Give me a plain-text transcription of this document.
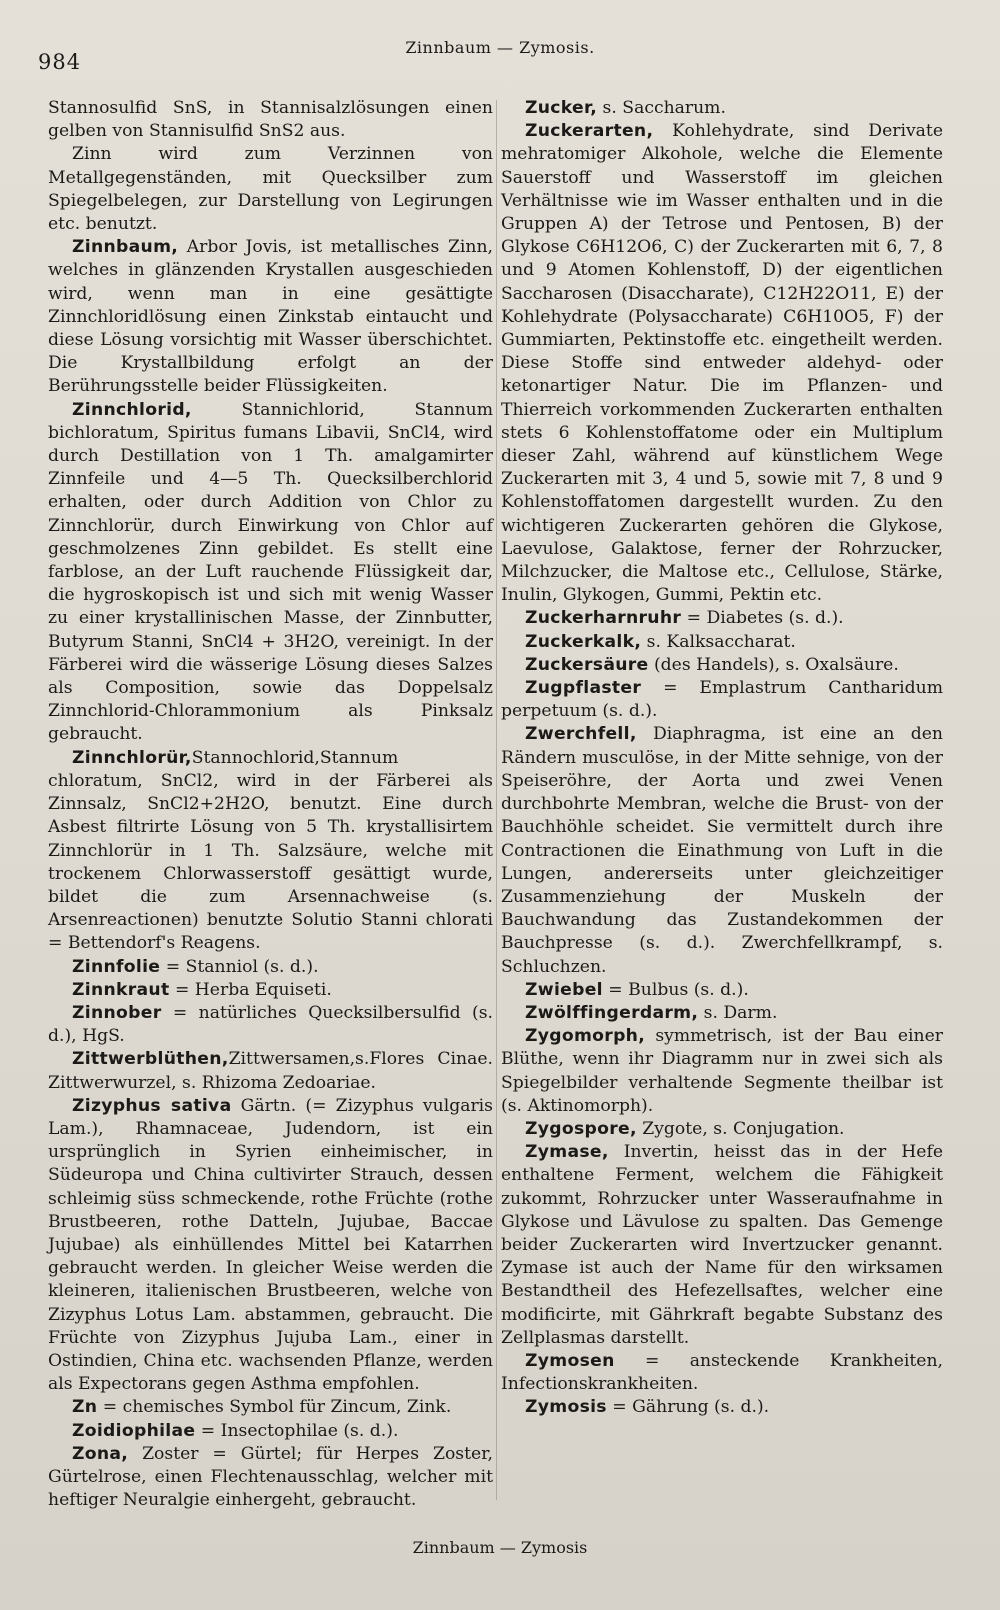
984
Zinnbaum — Zymosis.

Stannosulfid SnS, in Stannisalzlösungen einen gelben von Stannisulfid SnS2 aus.

Zinn wird zum Verzinnen von Metallgegenständen, mit Quecksilber zum Spiegelbelegen, zur Darstellung von Legirungen etc. benutzt.

Zinnbaum, Arbor Jovis, ist metallisches Zinn, welches in glänzenden Krystallen ausgeschieden wird, wenn man in eine gesättigte Zinnchloridlösung einen Zinkstab eintaucht und diese Lösung vorsichtig mit Wasser überschichtet. Die Krystallbildung erfolgt an der Berührungsstelle beider Flüssigkeiten.

Zinnchlorid, Stannichlorid, Stannum bichloratum, Spiritus fumans Libavii, SnCl4, wird durch Destillation von 1 Th. amalgamirter Zinnfeile und 4—5 Th. Quecksilberchlorid erhalten, oder durch Addition von Chlor zu Zinnchlorür, durch Einwirkung von Chlor auf geschmolzenes Zinn gebildet. Es stellt eine farblose, an der Luft rauchende Flüssigkeit dar, die hygroskopisch ist und sich mit wenig Wasser zu einer krystallinischen Masse, der Zinnbutter, Butyrum Stanni, SnCl4 + 3H2O, vereinigt. In der Färberei wird die wässerige Lösung dieses Salzes als Composition, sowie das Doppelsalz Zinnchlorid-Chlorammonium als Pinksalz gebraucht.

Zinnchlorür,Stannochlorid,Stannum chloratum, SnCl2, wird in der Färberei als Zinnsalz, SnCl2+2H2O, benutzt. Eine durch Asbest filtrirte Lösung von 5 Th. krystallisirtem Zinnchlorür in 1 Th. Salzsäure, welche mit trockenem Chlorwasserstoff gesättigt wurde, bildet die zum Arsennachweise (s. Arsenreactionen) benutzte Solutio Stanni chlorati = Bettendorf's Reagens.

Zinnfolie = Stanniol (s. d.).

Zinnkraut = Herba Equiseti.

Zinnober = natürliches Quecksilbersulfid (s. d.), HgS.

Zittwerblüthen,Zittwersamen,s.Flores Cinae. Zittwerwurzel, s. Rhizoma Zedoariae.

Zizyphus sativa Gärtn. (= Zizyphus vulgaris Lam.), Rhamnaceae, Judendorn, ist ein ursprünglich in Syrien einheimischer, in Südeuropa und China cultivirter Strauch, dessen schleimig süss schmeckende, rothe Früchte (rothe Brustbeeren, rothe Datteln, Jujubae, Baccae Jujubae) als einhüllendes Mittel bei Katarrhen gebraucht werden. In gleicher Weise werden die kleineren, italienischen Brustbeeren, welche von Zizyphus Lotus Lam. abstammen, gebraucht. Die Früchte von Zizyphus Jujuba Lam., einer in Ostindien, China etc. wachsenden Pflanze, werden als Expectorans gegen Asthma empfohlen.

Zn = chemisches Symbol für Zincum, Zink.

Zoidiophilae = Insectophilae (s. d.).

Zona, Zoster = Gürtel; für Herpes Zoster, Gürtelrose, einen Flechtenausschlag, welcher mit heftiger Neuralgie einhergeht, gebraucht.

Zucker, s. Saccharum.

Zuckerarten, Kohlehydrate, sind Derivate mehratomiger Alkohole, welche die Elemente Sauerstoff und Wasserstoff im gleichen Verhältnisse wie im Wasser enthalten und in die Gruppen A) der Tetrose und Pentosen, B) der Glykose C6H12O6, C) der Zuckerarten mit 6, 7, 8 und 9 Atomen Kohlenstoff, D) der eigentlichen Saccharosen (Disaccharate), C12H22O11, E) der Kohlehydrate (Polysaccharate) C6H10O5, F) der Gummiarten, Pektinstoffe etc. eingetheilt werden. Diese Stoffe sind entweder aldehyd- oder ketonartiger Natur. Die im Pflanzen- und Thierreich vorkommenden Zuckerarten enthalten stets 6 Kohlenstoffatome oder ein Multiplum dieser Zahl, während auf künstlichem Wege Zuckerarten mit 3, 4 und 5, sowie mit 7, 8 und 9 Kohlenstoffatomen dargestellt wurden. Zu den wichtigeren Zuckerarten gehören die Glykose, Laevulose, Galaktose, ferner der Rohrzucker, Milchzucker, die Maltose etc., Cellulose, Stärke, Inulin, Glykogen, Gummi, Pektin etc.

Zuckerharnruhr = Diabetes (s. d.).

Zuckerkalk, s. Kalksaccharat.

Zuckersäure (des Handels), s. Oxalsäure.

Zugpflaster = Emplastrum Cantharidum perpetuum (s. d.).

Zwerchfell, Diaphragma, ist eine an den Rändern musculöse, in der Mitte sehnige, von der Speiseröhre, der Aorta und zwei Venen durchbohrte Membran, welche die Brust- von der Bauchhöhle scheidet. Sie vermittelt durch ihre Contractionen die Einathmung von Luft in die Lungen, andererseits unter gleichzeitiger Zusammenziehung der Muskeln der Bauchwandung das Zustandekommen der Bauchpresse (s. d.). Zwerchfellkrampf, s. Schluchzen.

Zwiebel = Bulbus (s. d.).

Zwölffingerdarm, s. Darm.

Zygomorph, symmetrisch, ist der Bau einer Blüthe, wenn ihr Diagramm nur in zwei sich als Spiegelbilder verhaltende Segmente theilbar ist (s. Aktinomorph).

Zygospore, Zygote, s. Conjugation.

Zymase, Invertin, heisst das in der Hefe enthaltene Ferment, welchem die Fähigkeit zukommt, Rohrzucker unter Wasseraufnahme in Glykose und Lävulose zu spalten. Das Gemenge beider Zuckerarten wird Invertzucker genannt. Zymase ist auch der Name für den wirksamen Bestandtheil des Hefezellsaftes, welcher eine modificirte, mit Gährkraft begabte Substanz des Zellplasmas darstellt.

Zymosen = ansteckende Krankheiten, Infectionskrankheiten.

Zymosis = Gährung (s. d.).

Zinnbaum — Zymosis
